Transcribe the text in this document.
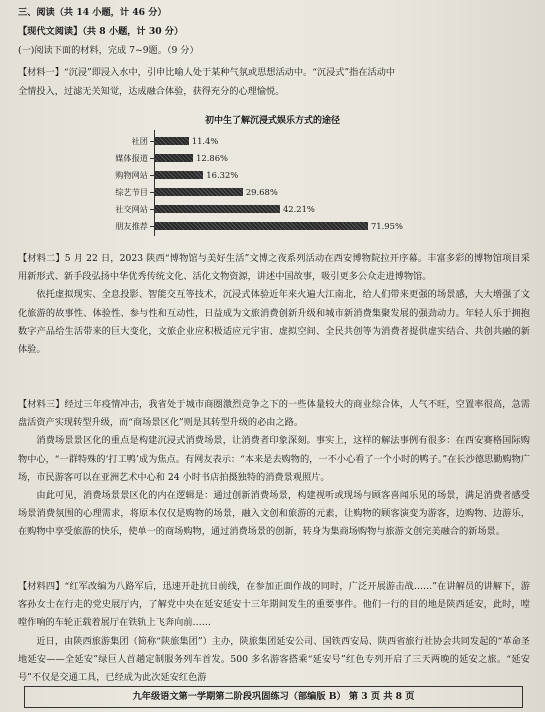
三、阅读（共 14 小题，计 46 分）
【现代文阅读】（共 8 小题，计 30 分）
(一)阅读下面的材料，完成 7~9题。（9 分）
【材料一】“沉浸”即浸入水中，引申比喻人处于某种气氛或思想活动中。“沉浸式”指在活动中
全情投入，过滤无关知觉，达成融合体验，获得充分的心理愉悦。
初中生了解沉浸式娱乐方式的途径
社团	11.4%
媒体报道	12.86%
购物网站	16.32%
综艺节目	29.68%
社交网站	42.21%
朋友推荐	71.95%

【材料二】5 月 22 日，2023 陕西“博物馆与美好生活”文博之夜系列活动在西安博物院拉开序幕。丰富多彩的博物馆项目采用新形式、新手段弘扬中华优秀传统文化、活化文物资源，讲述中国故事，吸引更多公众走进博物馆。

依托虚拟现实、全息投影、智能交互等技术，沉浸式体验近年来火遍大江南北，给人们带来更强的场景感，大大增强了文化旅游的故事性、体验性、参与性和互动性，日益成为文旅消费创新升级和城市新消费集聚发展的强劲动力。年轻人乐于拥抱数字产品给生活带来的巨大变化，文旅企业应积极适应元宇宙、虚拟空间、全民共创等为消费者提供虚实结合、共创共融的新体验。

【材料三】经过三年疫情冲击，我省处于城市商圈激烈竞争之下的一些体量较大的商业综合体，人气不旺，空置率很高，急需盘活资产实现转型升级，而“商场景区化”则是其转型升级的必由之路。

消费场景景区化的重点是构建沉浸式消费场景，让消费者印象深刻。事实上，这样的解法事例有很多：在西安赛格国际购物中心，“一群特殊的‘打工鸭’成为焦点。有网友表示：“本来是去购物的，一不小心看了一个小时的鸭子。”在长沙德思勤购物广场，市民游客可以在亚洲艺术中心和 24 小时书店拍摄独特的消费景观照片。

由此可见，消费场景景区化的内在逻辑是：通过创新消费场景，构建视听或现场与顾客喜闻乐见的场景，满足消费者感受场景消费氛围的心理需求，将原本仅仅是购物的场景，融入文创和旅游的元素，让购物的顾客演变为游客，边购物、边游乐，在购物中享受旅游的快乐，使单一的商场购物，通过消费场景的创新，转身为集商场购物与旅游文创完美融合的新场景。

【材料四】“红军改编为八路军后，迅速开赴抗日前线，在参加正面作战的同时，广泛开展游击战……”在讲解员的讲解下，游客孙女士在行走的党史展厅内，了解党中央在延安延安十三年期间发生的重要事件。他们一行的目的地是陕西延安，此时，嘡嘡作响的车轮正载着展厅在铁轨上飞奔向前……

近日，由陕西旅游集团（简称“陕旅集团”）主办，陕旅集团延安公司、国铁西安局、陕西省旅行社协会共同发起的“革命圣地延安——全延安”绿巨人首趟定制服务列车首发。500 多名游客搭乘“延安号”红色专列开启了三天两晚的延安之旅。“延安号”不仅是交通工具，已经成为此次延安红色游

九年级语文第一学期第二阶段巩固练习（部编版 B） 第 3 页 共 8 页
